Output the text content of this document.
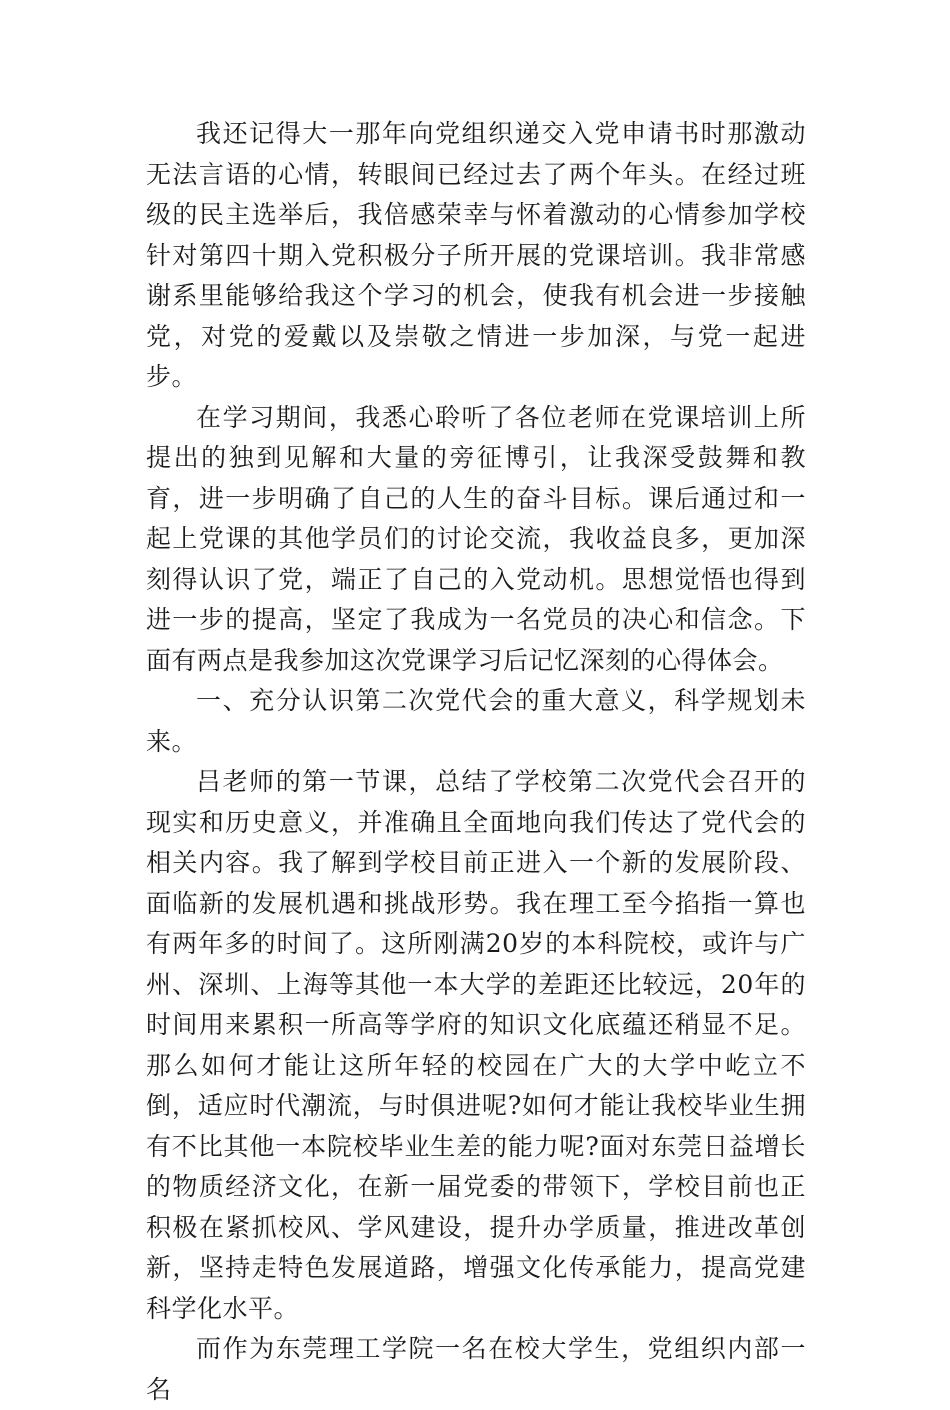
我还记得大一那年向党组织递交入党申请书时那激动无法言语的心情，转眼间已经过去了两个年头。在经过班级的民主选举后，我倍感荣幸与怀着激动的心情参加学校针对第四十期入党积极分子所开展的党课培训。我非常感谢系里能够给我这个学习的机会，使我有机会进一步接触党，对党的爱戴以及崇敬之情进一步加深，与党一起进步。

在学习期间，我悉心聆听了各位老师在党课培训上所提出的独到见解和大量的旁征博引，让我深受鼓舞和教育，进一步明确了自己的人生的奋斗目标。课后通过和一起上党课的其他学员们的讨论交流，我收益良多，更加深刻得认识了党，端正了自己的入党动机。思想觉悟也得到进一步的提高，坚定了我成为一名党员的决心和信念。下面有两点是我参加这次党课学习后记忆深刻的心得体会。

一、充分认识第二次党代会的重大意义，科学规划未来。

吕老师的第一节课，总结了学校第二次党代会召开的现实和历史意义，并准确且全面地向我们传达了党代会的相关内容。我了解到学校目前正进入一个新的发展阶段、面临新的发展机遇和挑战形势。我在理工至今掐指一算也有两年多的时间了。这所刚满20岁的本科院校，或许与广州、深圳、上海等其他一本大学的差距还比较远，20年的时间用来累积一所高等学府的知识文化底蕴还稍显不足。那么如何才能让这所年轻的校园在广大的大学中屹立不倒，适应时代潮流，与时俱进呢?如何才能让我校毕业生拥有不比其他一本院校毕业生差的能力呢?面对东莞日益增长的物质经济文化，在新一届党委的带领下，学校目前也正积极在紧抓校风、学风建设，提升办学质量，推进改革创新，坚持走特色发展道路，增强文化传承能力，提高党建科学化水平。

而作为东莞理工学院一名在校大学生，党组织内部一名
